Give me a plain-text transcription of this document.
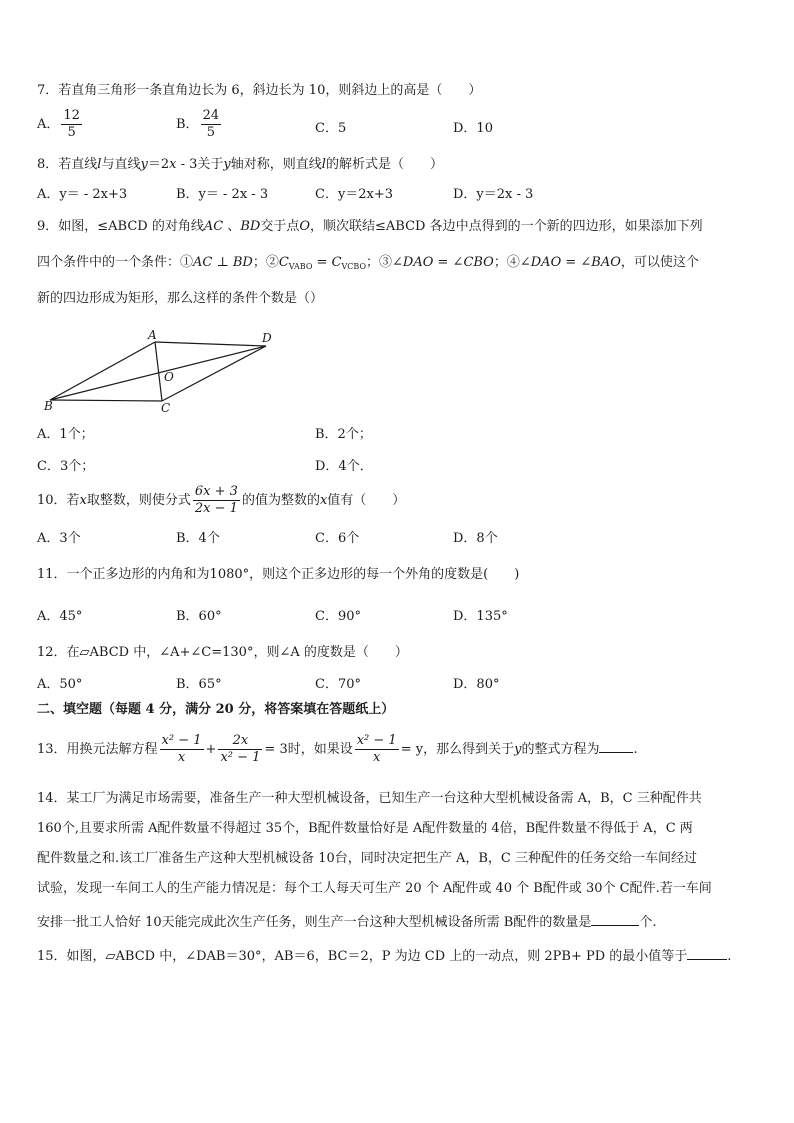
7．若直角三角形一条直角边长为 6，斜边长为 10，则斜边上的高是（　　）
A． $\frac{12}{5}$	B． $\frac{24}{5}$	C．5	D．10
8．若直线l与直线y＝2x - 3关于y轴对称，则直线l的解析式是（　　）
A．y＝ - 2x+3	B．y＝ - 2x - 3	C．y＝2x+3	D．y＝2x - 3
9．如图，≤ABCD 的对角线AC 、BD交于点O，顺次联结≤ABCD 各边中点得到的一个新的四边形，如果添加下列
四个条件中的一个条件：①AC ⊥ BD；$②C_{VABO} = C_{VCBO}$；③∠DAO = ∠CBO；④∠DAO = ∠BAO，可以使这个
新的四边形成为矩形，那么这样的条件个数是（）
A	D
O
B	C
A．1个；	B．2个；
C．3个；	D．4个．
10．若x取整数，则使分式 $\frac{6x + 3}{2x - 1}$ 的值为整数的x值有（　　）
A．3个	B．4个	C．6个	D．8个
11．一个正多边形的内角和为1080°，则这个正多边形的每一个外角的度数是(　　)
A．45°	B．60°	C．90°	D．135°
12．在▱ABCD 中，∠A+∠C=130°，则∠A 的度数是（　　）
A．50°	B．65°	C．70°	D．80°
二、填空题（每题 4 分，满分 20 分，将答案填在答题纸上）
13．用换元法解方程 $\frac{\text{x² − 1}}{x} + \frac{2x}{\text{x² − 1}} = 3$时，如果设 $\frac{\text{x² − 1}}{x} = y$，那么得到关于y的整式方程为	.
14．某工厂为满足市场需要，准备生产一种大型机械设备，已知生产一台这种大型机械设备需 A，B，C 三种配件共
160个,且要求所需 A配件数量不得超过 35个，B配件数量恰好是 A配件数量的 4倍，B配件数量不得低于 A，C 两
配件数量之和.该工厂准备生产这种大型机械设备 10台，同时决定把生产 A，B，C 三种配件的任务交给一车间经过
试验，发现一车间工人的生产能力情况是：每个工人每天可生产 20 个 A配件或 40 个 B配件或 30个 C配件.若一车间
安排一批工人恰好 10天能完成此次生产任务，则生产一台这种大型机械设备所需 B配件的数量是	个.
15．如图，▱ABCD 中，∠DAB＝30°，AB＝6，BC＝2，P 为边 CD 上的一动点，则 2PB+ PD 的最小值等于	.
